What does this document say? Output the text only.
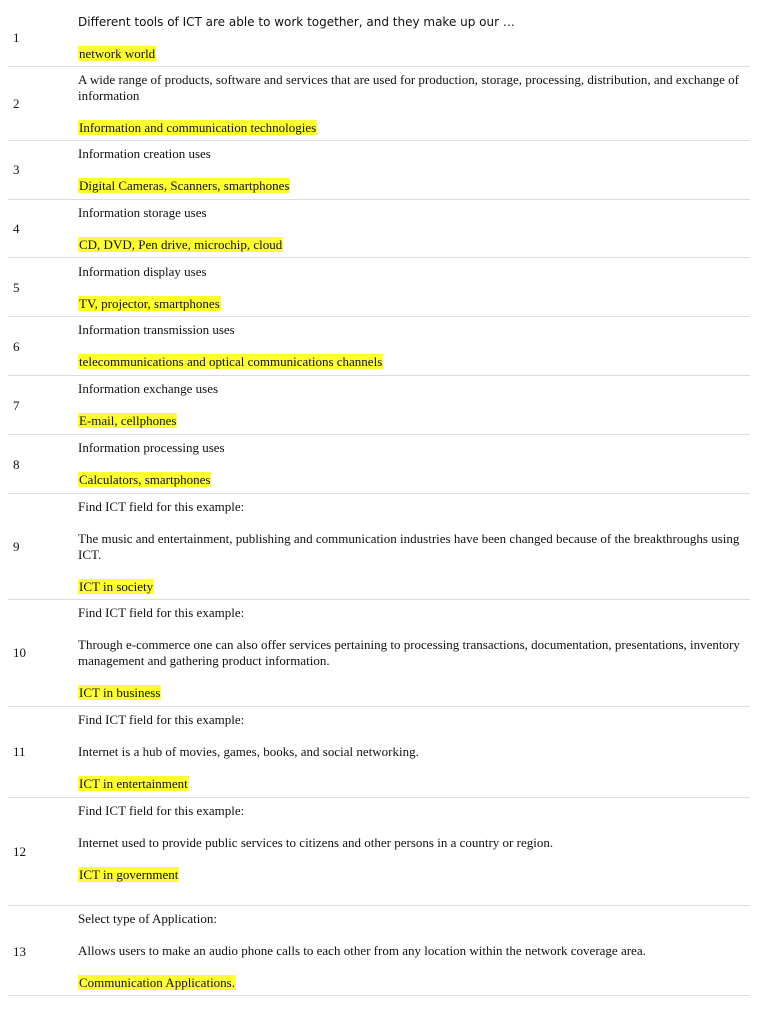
1
Different tools of ICT are able to work together, and they make up our …
network world
2
A wide range of products, software and services that are used for production, storage, processing, distribution, and exchange of information
Information and communication technologies
3
Information creation uses
Digital Cameras, Scanners, smartphones
4
Information storage uses
CD, DVD, Pen drive, microchip, cloud
5
Information display uses
TV, projector, smartphones
6
Information transmission uses
telecommunications and optical communications channels
7
Information exchange uses
E-mail, cellphones
8
Information processing uses
Calculators, smartphones
9
Find ICT field for this example:
The music and entertainment, publishing and communication industries have been changed because of the breakthroughs using ICT.
ICT in society
10
Find ICT field for this example:
Through e-commerce one can also offer services pertaining to processing transactions, documentation, presentations, inventory management and gathering product information.
ICT in business
11
Find ICT field for this example:
Internet is a hub of movies, games, books, and social networking.
ICT in entertainment
12
Find ICT field for this example:
Internet used to provide public services to citizens and other persons in a country or region.
ICT in government
13
Select type of Application:
Allows users to make an audio phone calls to each other from any location within the network coverage area.
Communication Applications.
